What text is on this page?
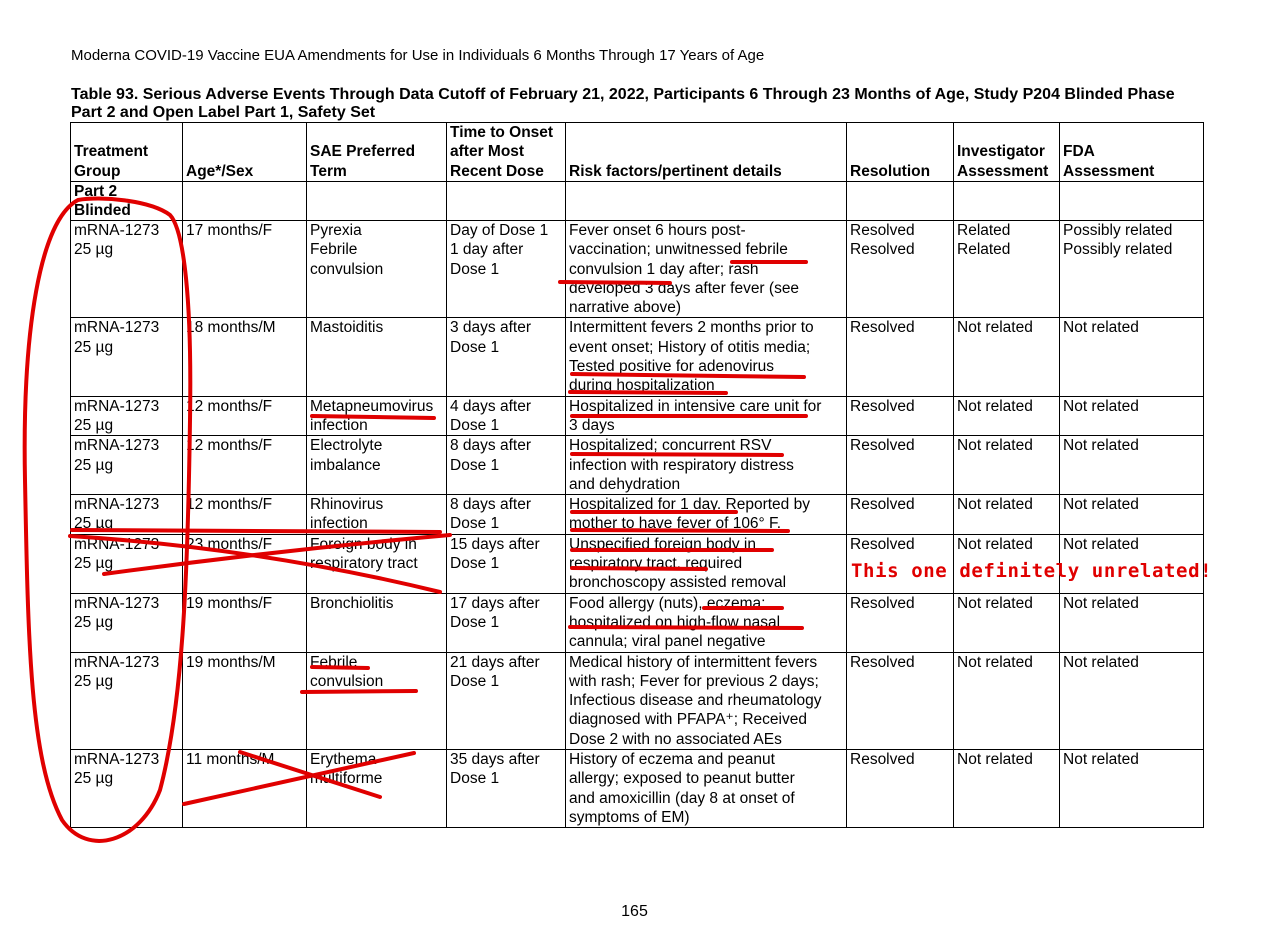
Moderna COVID-19 Vaccine EUA Amendments for Use in Individuals 6 Months Through 17 Years of Age
Table 93. Serious Adverse Events Through Data Cutoff of February 21, 2022, Participants 6 Through 23 Months of Age, Study P204 Blinded Phase Part 2 and Open Label Part 1, Safety Set
Treatment
Group	Age*/Sex	SAE Preferred
Term	Time to Onset
after Most
Recent Dose	Risk factors/pertinent details	Resolution	Investigator
Assessment	FDA
Assessment

Part 2
Blinded							

mRNA-1273
25 µg	17 months/F	Pyrexia
Febrile
convulsion	Day of Dose 1
1 day after
Dose 1	Fever onset 6 hours post-
vaccination; unwitnessed febrile
convulsion 1 day after; rash
developed 3 days after fever (see
narrative above)	Resolved
Resolved	Related
Related	Possibly related
Possibly related

mRNA-1273
25 µg	18 months/M	Mastoiditis	3 days after
Dose 1	Intermittent fevers 2 months prior to
event onset; History of otitis media;
Tested positive for adenovirus
during hospitalization	Resolved	Not related	Not related

mRNA-1273
25 µg	12 months/F	Metapneumovirus
infection	4 days after
Dose 1	Hospitalized in intensive care unit for
3 days	Resolved	Not related	Not related

mRNA-1273
25 µg	12 months/F	Electrolyte
imbalance	8 days after
Dose 1	Hospitalized; concurrent RSV
infection with respiratory distress
and dehydration	Resolved	Not related	Not related

mRNA-1273
25 µg	12 months/F	Rhinovirus
infection	8 days after
Dose 1	Hospitalized for 1 day. Reported by
mother to have fever of 106° F.	Resolved	Not related	Not related

mRNA-1273
25 µg	23 months/F	Foreign body in
respiratory tract	15 days after
Dose 1	Unspecified foreign body in
respiratory tract, required
bronchoscopy assisted removal	Resolved	Not related	Not related

mRNA-1273
25 µg	19 months/F	Bronchiolitis	17 days after
Dose 1	Food allergy (nuts), eczema;
hospitalized on high-flow nasal
cannula; viral panel negative	Resolved	Not related	Not related

mRNA-1273
25 µg	19 months/M	Febrile
convulsion	21 days after
Dose 1	Medical history of intermittent fevers
with rash; Fever for previous 2 days;
Infectious disease and rheumatology
diagnosed with PFAPA⁺; Received
Dose 2 with no associated AEs	Resolved	Not related	Not related

mRNA-1273
25 µg	11 months/M	Erythema
multiforme	35 days after
Dose 1	History of eczema and peanut
allergy; exposed to peanut butter
and amoxicillin (day 8 at onset of
symptoms of EM)	Resolved	Not related	Not related
This one definitely unrelated!
165
